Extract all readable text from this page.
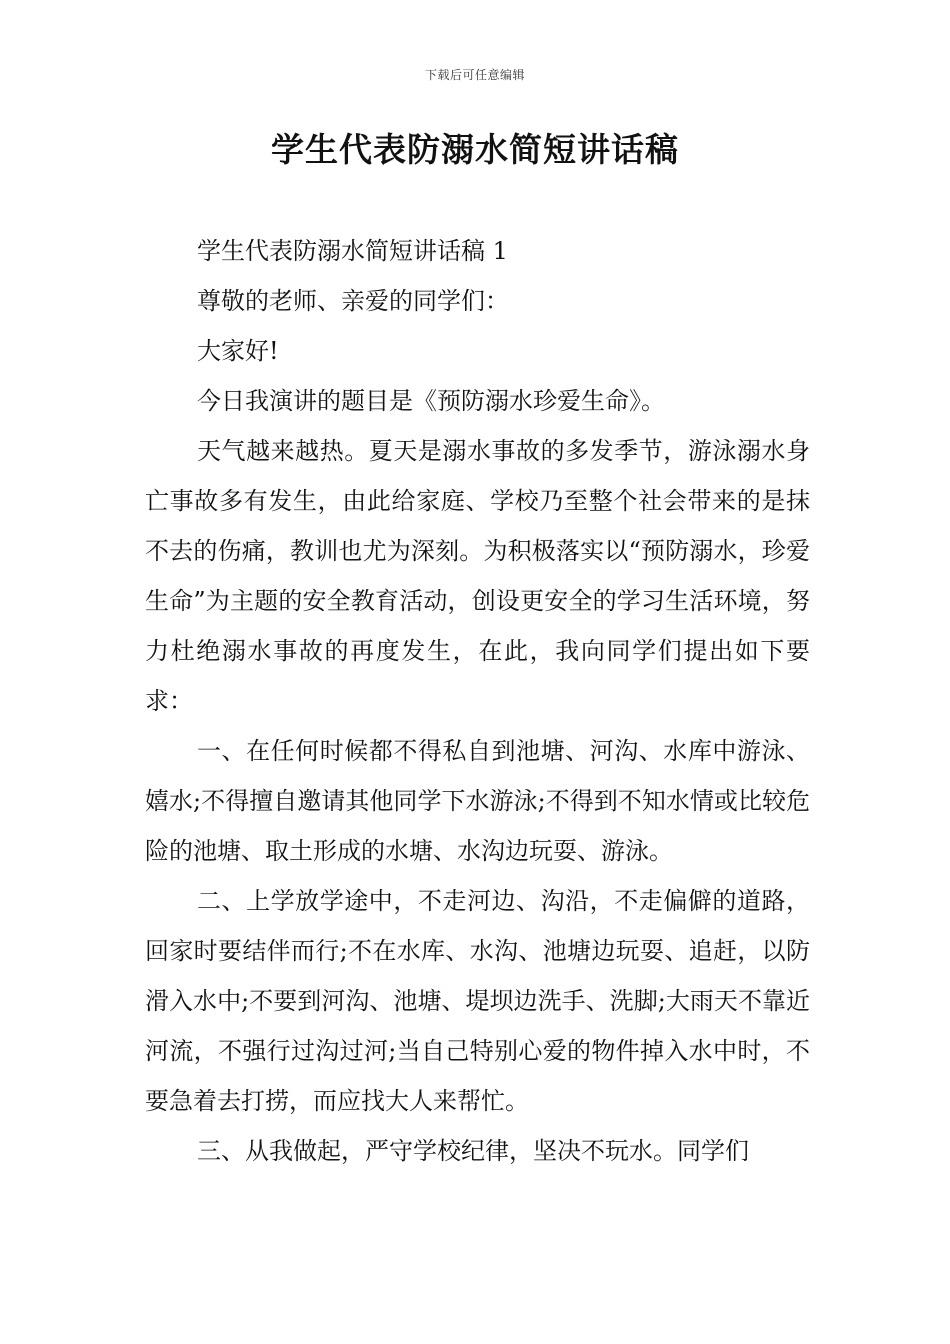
下载后可任意编辑
学生代表防溺水简短讲话稿

学生代表防溺水简短讲话稿 1

尊敬的老师、亲爱的同学们：

大家好!

今日我演讲的题目是《预防溺水珍爱生命》。

天气越来越热。夏天是溺水事故的多发季节，游泳溺水身亡事故多有发生，由此给家庭、学校乃至整个社会带来的是抹不去的伤痛，教训也尤为深刻。为积极落实以“预防溺水，珍爱生命”为主题的安全教育活动，创设更安全的学习生活环境，努力杜绝溺水事故的再度发生，在此，我向同学们提出如下要求：

一、在任何时候都不得私自到池塘、河沟、水库中游泳、嬉水;不得擅自邀请其他同学下水游泳;不得到不知水情或比较危险的池塘、取土形成的水塘、水沟边玩耍、游泳。

二、上学放学途中，不走河边、沟沿，不走偏僻的道路，回家时要结伴而行;不在水库、水沟、池塘边玩耍、追赶，以防滑入水中;不要到河沟、池塘、堤坝边洗手、洗脚;大雨天不靠近河流，不强行过沟过河;当自己特别心爱的物件掉入水中时，不要急着去打捞，而应找大人来帮忙。

三、从我做起，严守学校纪律，坚决不玩水。同学们
